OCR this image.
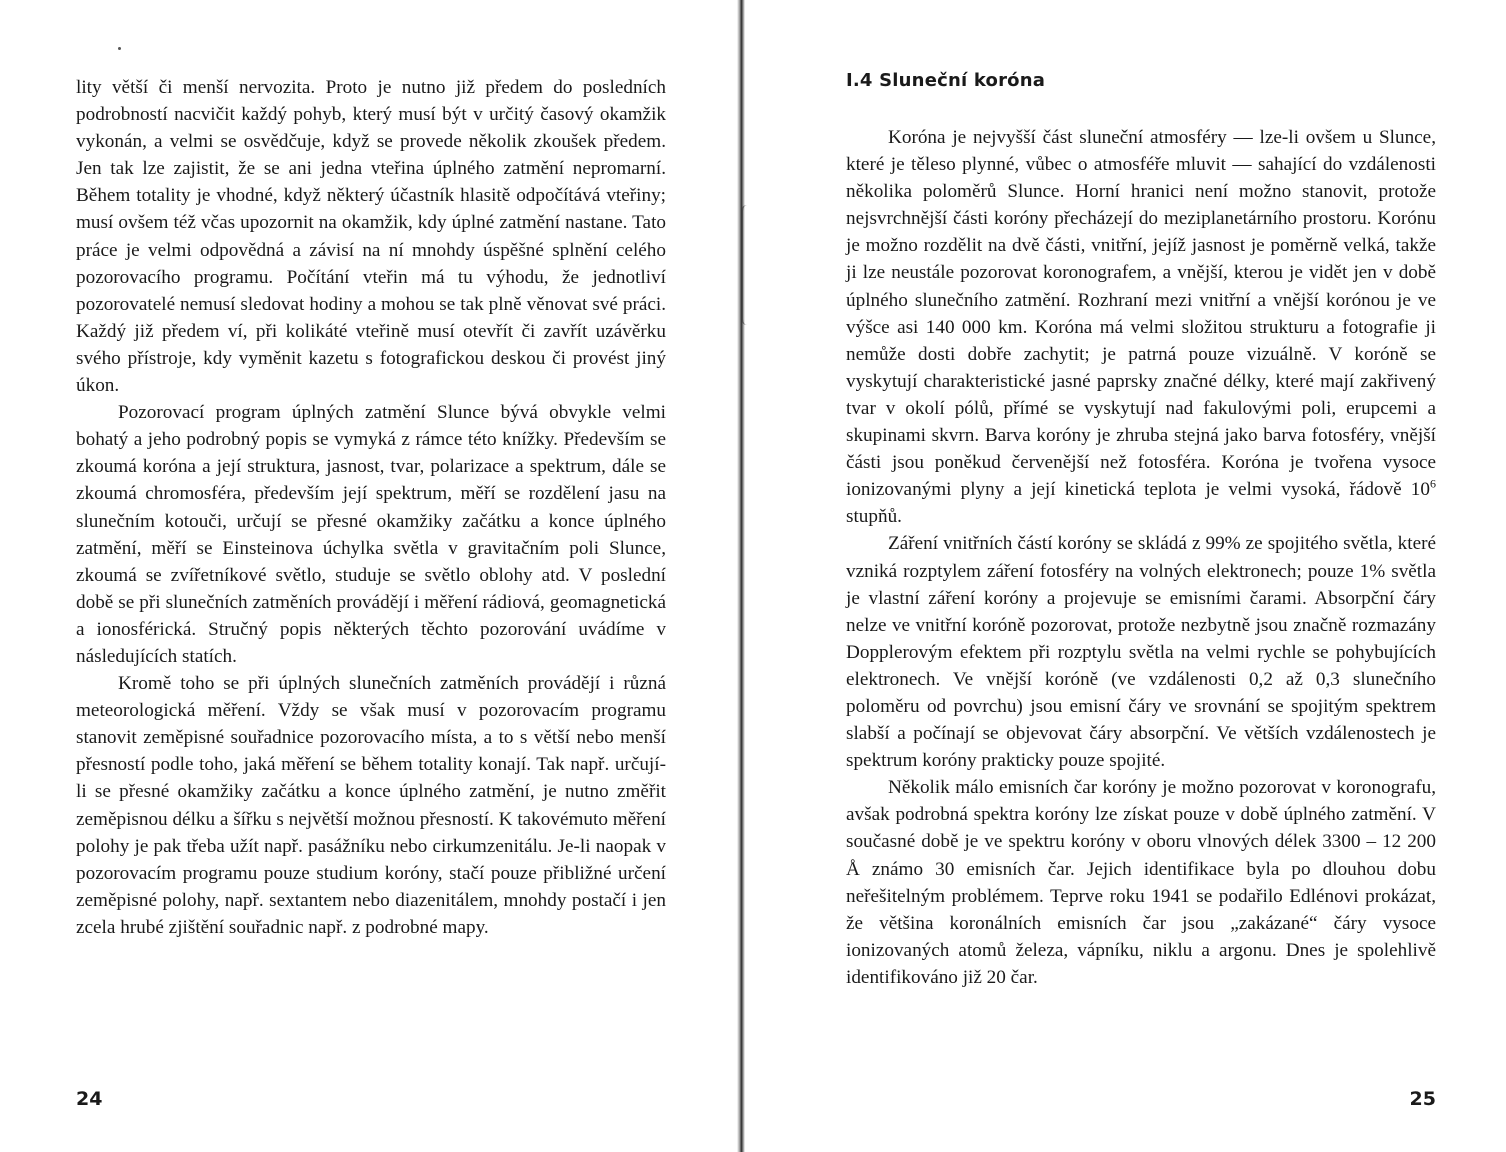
lity větší či menší nervozita. Proto je nutno již předem do posledních podrobností nacvičit každý pohyb, který musí být v určitý časový okamžik vykonán, a velmi se osvědčuje, když se provede několik zkoušek předem. Jen tak lze zajistit, že se ani jedna vteřina úplného zatmění nepromarní. Během totality je vhodné, když některý účastník hlasitě odpočítává vteřiny; musí ovšem též včas upozornit na okamžik, kdy úplné zatmění nastane. Tato práce je velmi odpovědná a závisí na ní mnohdy úspěšné splnění celého pozorovacího programu. Počítání vteřin má tu výhodu, že jednotliví pozorovatelé nemusí sledovat hodiny a mohou se tak plně věnovat své práci. Každý již předem ví, při kolikáté vteřině musí otevřít či zavřít uzávěrku svého přístroje, kdy vyměnit kazetu s fotografickou deskou či provést jiný úkon.

Pozorovací program úplných zatmění Slunce bývá obvykle velmi bohatý a jeho podrobný popis se vymyká z rámce této knížky. Především se zkoumá koróna a její struktura, jasnost, tvar, polarizace a spektrum, dále se zkoumá chromosféra, především její spektrum, měří se rozdělení jasu na slunečním kotouči, určují se přesné okamžiky začátku a konce úplného zatmění, měří se Einsteinova úchylka světla v gravitačním poli Slunce, zkoumá se zvířetníkové světlo, studuje se světlo oblohy atd. V poslední době se při slunečních zatměních provádějí i měření rádiová, geomagnetická a ionosférická. Stručný popis některých těchto pozorování uvádíme v následujících statích.

Kromě toho se při úplných slunečních zatměních provádějí i různá meteorologická měření. Vždy se však musí v pozorovacím programu stanovit zeměpisné souřadnice pozorovacího místa, a to s větší nebo menší přesností podle toho, jaká měření se během totality konají. Tak např. určují-li se přesné okamžiky začátku a konce úplného zatmění, je nutno změřit zeměpisnou délku a šířku s největší možnou přesností. K takovémuto měření polohy je pak třeba užít např. pasážníku nebo cirkumzenitálu. Je-li naopak v pozorovacím programu pouze studium koróny, stačí pouze přibližné určení zeměpisné polohy, např. sextantem nebo diazenitálem, mnohdy postačí i jen zcela hrubé zjištění souřadnic např. z podrobné mapy.

24
I.4 Sluneční koróna

Koróna je nejvyšší část sluneční atmosféry — lze-li ovšem u Slunce, které je těleso plynné, vůbec o atmosféře mluvit — sahající do vzdálenosti několika poloměrů Slunce. Horní hranici není možno stanovit, protože nejsvrchnější části koróny přecházejí do meziplanetárního prostoru. Korónu je možno rozdělit na dvě části, vnitřní, jejíž jasnost je poměrně velká, takže ji lze neustále pozorovat koronografem, a vnější, kterou je vidět jen v době úplného slunečního zatmění. Rozhraní mezi vnitřní a vnější korónou je ve výšce asi 140 000 km. Koróna má velmi složitou strukturu a fotografie ji nemůže dosti dobře zachytit; je patrná pouze vizuálně. V koróně se vyskytují charakteristické jasné paprsky značné délky, které mají zakřivený tvar v okolí pólů, přímé se vyskytují nad fakulovými poli, erupcemi a skupinami skvrn. Barva koróny je zhruba stejná jako barva fotosféry, vnější části jsou poněkud červenější než fotosféra. Koróna je tvořena vysoce ionizovanými plyny a její kinetická teplota je velmi vysoká, řádově $10^6$ stupňů.

Záření vnitřních částí koróny se skládá z 99% ze spojitého světla, které vzniká rozptylem záření fotosféry na volných elektronech; pouze 1% světla je vlastní záření koróny a projevuje se emisními čarami. Absorpční čáry nelze ve vnitřní koróně pozorovat, protože nezbytně jsou značně rozmazány Dopplerovým efektem při rozptylu světla na velmi rychle se pohybujících elektronech. Ve vnější koróně (ve vzdálenosti 0,2 až 0,3 slunečního poloměru od povrchu) jsou emisní čáry ve srovnání se spojitým spektrem slabší a počínají se objevovat čáry absorpční. Ve větších vzdálenostech je spektrum koróny prakticky pouze spojité.

Několik málo emisních čar koróny je možno pozorovat v koronografu, avšak podrobná spektra koróny lze získat pouze v době úplného zatmění. V současné době je ve spektru koróny v oboru vlnových délek 3300 – 12 200 Å známo 30 emisních čar. Jejich identifikace byla po dlouhou dobu neřešitelným problémem. Teprve roku 1941 se podařilo Edlénovi prokázat, že většina koronálních emisních čar jsou „zakázané“ čáry vysoce ionizovaných atomů železa, vápníku, niklu a argonu. Dnes je spolehlivě identifikováno již 20 čar.

25
